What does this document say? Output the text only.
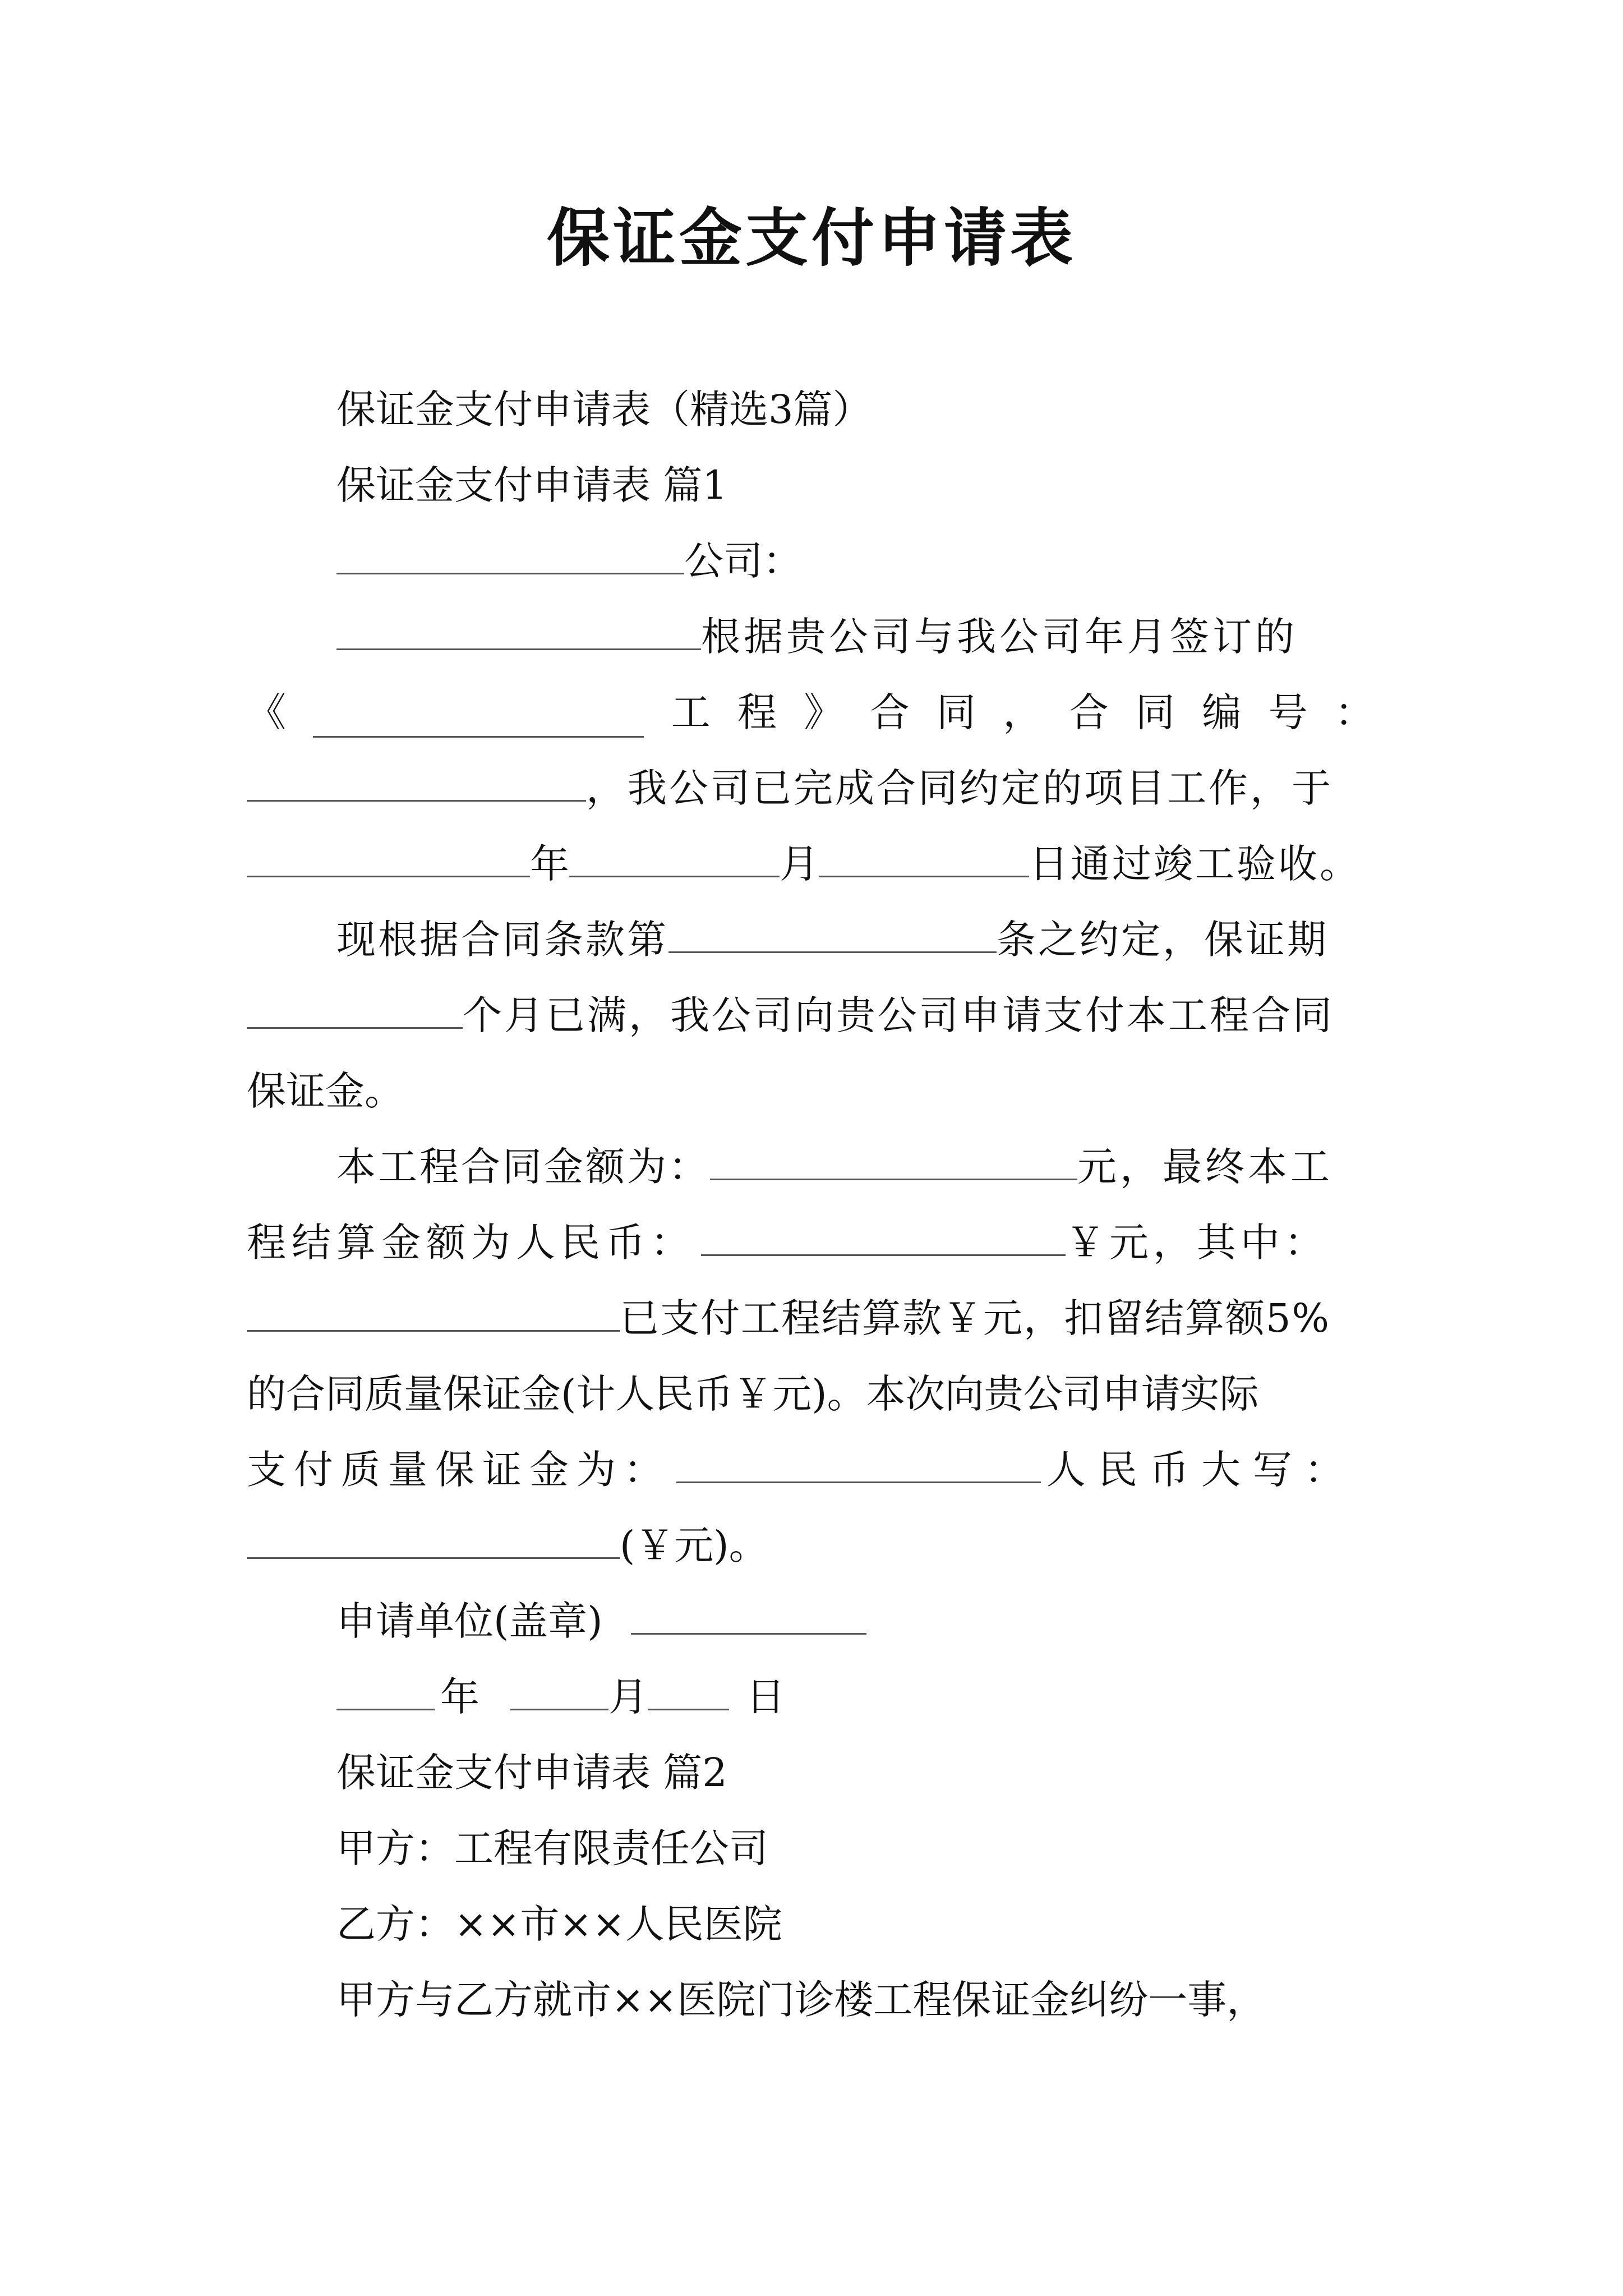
保证金支付申请表
保证金支付申请表（精选3篇）
保证金支付申请表 篇1
公司：
根据贵公司与我公司年月签订的
《	工 程 》 合 同 ， 合 同 编 号 ：
，我公司已完成合同约定的项目工作，于
年	月	日通过竣工验收。
现根据合同条款第	条之约定，保证期
个月已满，我公司向贵公司申请支付本工程合同
保证金。
本工程合同金额为：	元，最终本工
程结算金额为人民币：	￥元，其中：
已支付工程结算款￥元，扣留结算额5%
的合同质量保证金(计人民币￥元)。本次向贵公司申请实际
支付质量保证金为：	人民币大写：
(￥元)。
申请单位(盖章)
年	月	日
保证金支付申请表 篇2
甲方：工程有限责任公司
乙方：××市××人民医院
甲方与乙方就市××医院门诊楼工程保证金纠纷一事，
